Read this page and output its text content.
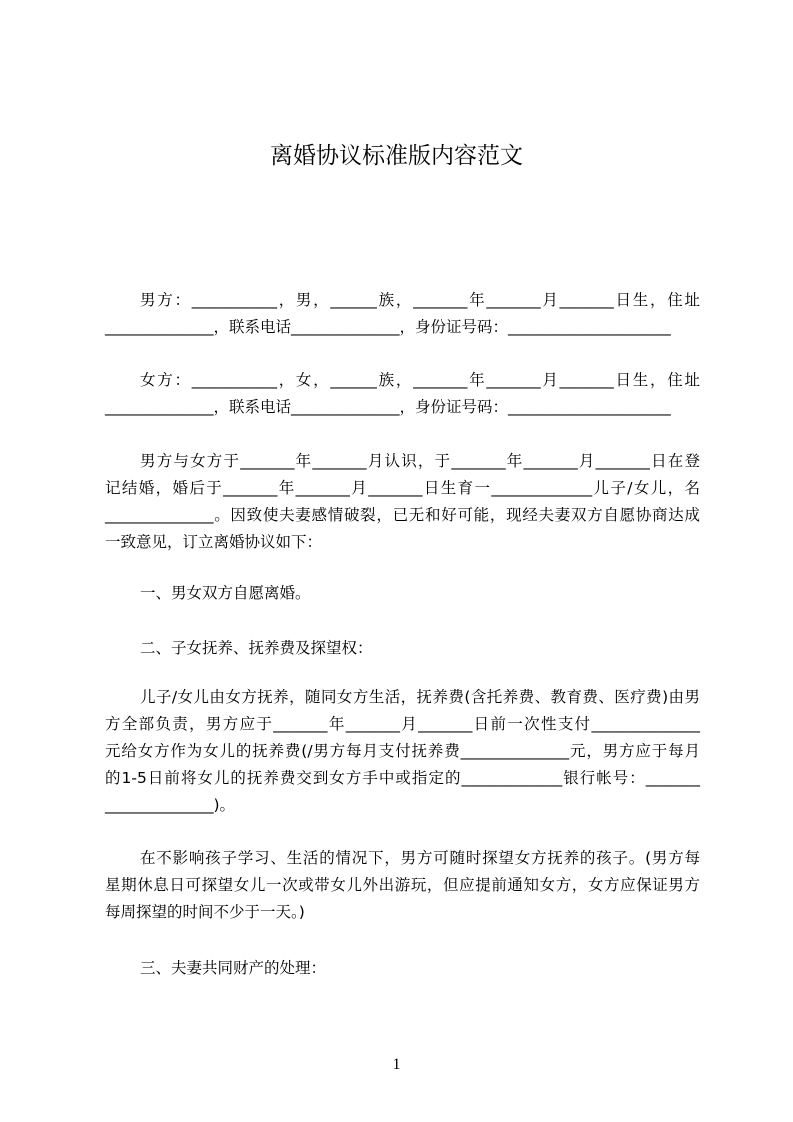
离婚协议标准版内容范文
男方：___________，男，______族，_______年_______月_______日生，住址
______________，联系电话______________，身份证号码：_____________________
女方：___________，女，______族，_______年_______月_______日生，住址
______________，联系电话______________，身份证号码：_____________________
男方与女方于_______年_______月认识，于_______年_______月_______日在登
记结婚，婚后于_______年_______月_______日生育一_____________儿子/女儿，名
______________。因致使夫妻感情破裂，已无和好可能，现经夫妻双方自愿协商达成
一致意见，订立离婚协议如下：
一、男女双方自愿离婚。
二、子女抚养、抚养费及探望权：
儿子/女儿由女方抚养，随同女方生活，抚养费(含托养费、教育费、医疗费)由男
方全部负责，男方应于_______年_______月_______日前一次性支付______________
元给女方作为女儿的抚养费(/男方每月支付抚养费______________元，男方应于每月
的1-5日前将女儿的抚养费交到女方手中或指定的_____________银行帐号：_______
______________)。
在不影响孩子学习、生活的情况下，男方可随时探望女方抚养的孩子。(男方每
星期休息日可探望女儿一次或带女儿外出游玩，但应提前通知女方，女方应保证男方
每周探望的时间不少于一天。)
三、夫妻共同财产的处理：
1
